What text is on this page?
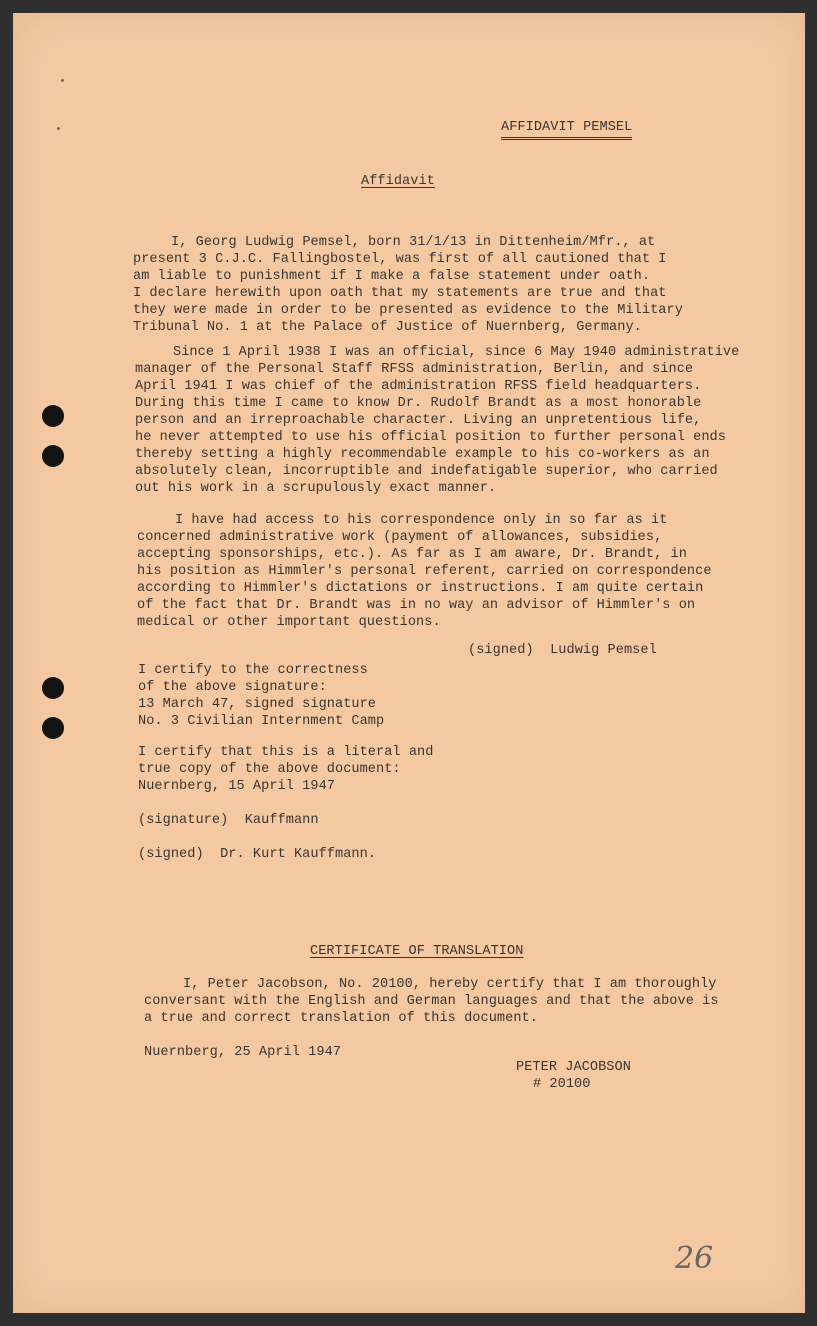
AFFIDAVIT PEMSEL
Affidavit
I, Georg Ludwig Pemsel, born 31/1/13 in Dittenheim/Mfr., at
present 3 C.J.C. Fallingbostel, was first of all cautioned that I
am liable to punishment if I make a false statement under oath.
I declare herewith upon oath that my statements are true and that
they were made in order to be presented as evidence to the Military
Tribunal No. 1 at the Palace of Justice of Nuernberg, Germany.
Since 1 April 1938 I was an official, since 6 May 1940 administrative
manager of the Personal Staff RFSS administration, Berlin, and since
April 1941 I was chief of the administration RFSS field headquarters.
During this time I came to know Dr. Rudolf Brandt as a most honorable
person and an irreproachable character. Living an unpretentious life,
he never attempted to use his official position to further personal ends
thereby setting a highly recommendable example to his co-workers as an
absolutely clean, incorruptible and indefatigable superior, who carried
out his work in a scrupulously exact manner.
I have had access to his correspondence only in so far as it
concerned administrative work (payment of allowances, subsidies,
accepting sponsorships, etc.). As far as I am aware, Dr. Brandt, in
his position as Himmler's personal referent, carried on correspondence
according to Himmler's dictations or instructions. I am quite certain
of the fact that Dr. Brandt was in no way an advisor of Himmler's on
medical or other important questions.
(signed)  Ludwig Pemsel
I certify to the correctness
of the above signature:
13 March 47, signed signature
No. 3 Civilian Internment Camp
I certify that this is a literal and
true copy of the above document:
Nuernberg, 15 April 1947
(signature)  Kauffmann
(signed)  Dr. Kurt Kauffmann.
CERTIFICATE OF TRANSLATION
I, Peter Jacobson, No. 20100, hereby certify that I am thoroughly
conversant with the English and German languages and that the above is
a true and correct translation of this document.
Nuernberg, 25 April 1947
PETER JACOBSON
# 20100
26
